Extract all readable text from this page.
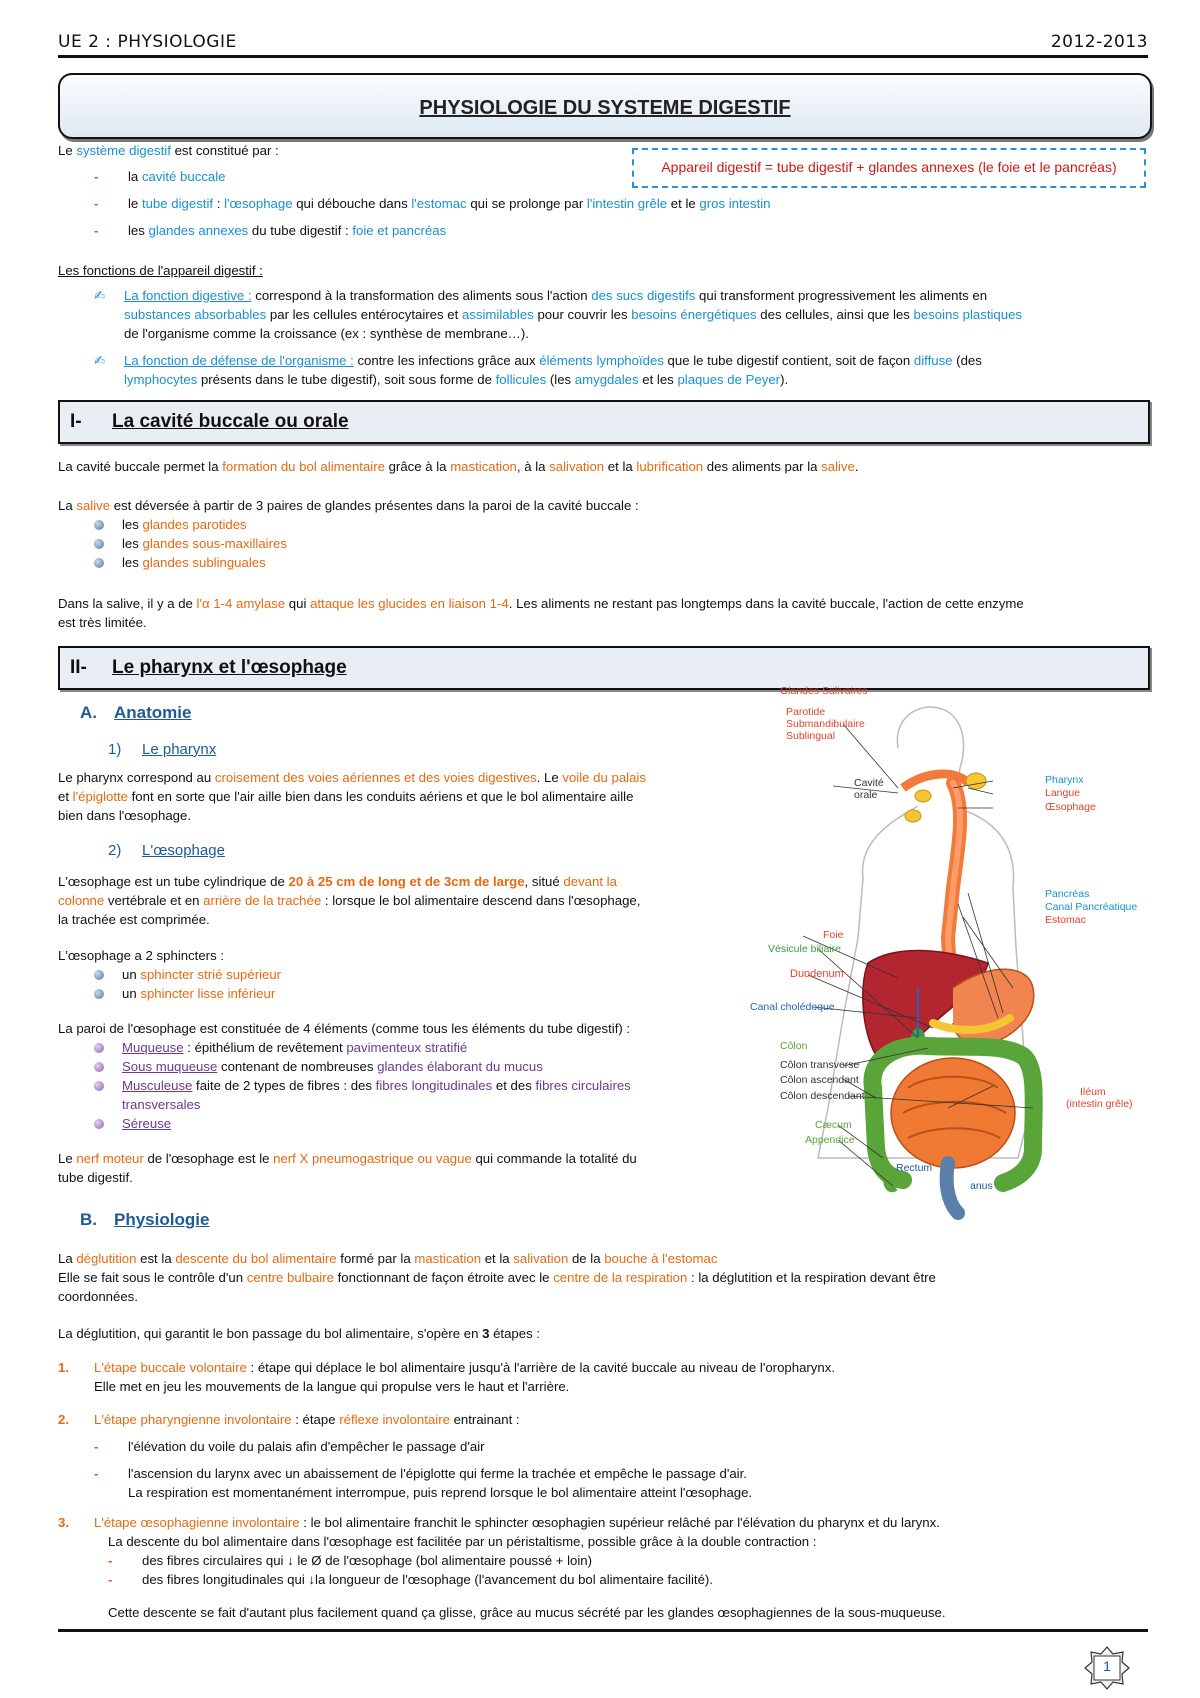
UE 2 : PHYSIOLOGIE	2012-2013
PHYSIOLOGIE DU SYSTEME DIGESTIF
Appareil digestif = tube digestif + glandes annexes (le foie et le pancréas)
Le système digestif est constitué par :
- la cavité buccale
- le tube digestif : l'œsophage qui débouche dans l'estomac qui se prolonge par l'intestin grêle et le gros intestin
- les glandes annexes du tube digestif : foie et pancréas
Les fonctions de l'appareil digestif :
✍ La fonction digestive : correspond à la transformation des aliments sous l'action des sucs digestifs qui transforment progressivement les aliments en
substances absorbables par les cellules entérocytaires et assimilables pour couvrir les besoins énergétiques des cellules, ainsi que les besoins plastiques
de l'organisme comme la croissance (ex : synthèse de membrane…).
✍ La fonction de défense de l'organisme : contre les infections grâce aux éléments lymphoïdes que le tube digestif contient, soit de façon diffuse (des
lymphocytes présents dans le tube digestif), soit sous forme de follicules (les amygdales et les plaques de Peyer).
I- La cavité buccale ou orale
La cavité buccale permet la formation du bol alimentaire grâce à la mastication, à la salivation et la lubrification des aliments par la salive.
La salive est déversée à partir de 3 paires de glandes présentes dans la paroi de la cavité buccale :
les glandes parotides
les glandes sous-maxillaires
les glandes sublinguales
Dans la salive, il y a de l'α 1-4 amylase qui attaque les glucides en liaison 1-4. Les aliments ne restant pas longtemps dans la cavité buccale, l'action de cette enzyme
est très limitée.
II- Le pharynx et l'œsophage
A. Anatomie
1) Le pharynx
Le pharynx correspond au croisement des voies aériennes et des voies digestives. Le voile du palais
et l'épiglotte font en sorte que l'air aille bien dans les conduits aériens et que le bol alimentaire aille
bien dans l'œsophage.
2) L'œsophage
L'œsophage est un tube cylindrique de 20 à 25 cm de long et de 3cm de large, situé devant la
colonne vertébrale et en arrière de la trachée : lorsque le bol alimentaire descend dans l'œsophage,
la trachée est comprimée.
L'œsophage a 2 sphincters :
un sphincter strié supérieur
un sphincter lisse inférieur
La paroi de l'œsophage est constituée de 4 éléments (comme tous les éléments du tube digestif) :
Muqueuse : épithélium de revêtement pavimenteux stratifié
Sous muqueuse contenant de nombreuses glandes élaborant du mucus
Musculeuse faite de 2 types de fibres : des fibres longitudinales et des fibres circulaires
transversales
Séreuse
Le nerf moteur de l'œsophage est le nerf X pneumogastrique ou vague qui commande la totalité du
tube digestif.
B. Physiologie
La déglutition est la descente du bol alimentaire formé par la mastication et la salivation de la bouche à l'estomac
Elle se fait sous le contrôle d'un centre bulbaire fonctionnant de façon étroite avec le centre de la respiration : la déglutition et la respiration devant être
coordonnées.
La déglutition, qui garantit le bon passage du bol alimentaire, s'opère en 3 étapes :
1. L'étape buccale volontaire : étape qui déplace le bol alimentaire jusqu'à l'arrière de la cavité buccale au niveau de l'oropharynx.
Elle met en jeu les mouvements de la langue qui propulse vers le haut et l'arrière.
2. L'étape pharyngienne involontaire : étape réflexe involontaire entrainant :
- l'élévation du voile du palais afin d'empêcher le passage d'air
- l'ascension du larynx avec un abaissement de l'épiglotte qui ferme la trachée et empêche le passage d'air.
La respiration est momentanément interrompue, puis reprend lorsque le bol alimentaire atteint l'œsophage.
3. L'étape œsophagienne involontaire : le bol alimentaire franchit le sphincter œsophagien supérieur relâché par l'élévation du pharynx et du larynx.
La descente du bol alimentaire dans l'œsophage est facilitée par un péristaltisme, possible grâce à la double contraction :
- des fibres circulaires qui ↓ le Ø de l'œsophage (bol alimentaire poussé + loin)
- des fibres longitudinales qui ↓la longueur de l'œsophage (l'avancement du bol alimentaire facilité).
Cette descente se fait d'autant plus facilement quand ça glisse, grâce au mucus sécrété par les glandes œsophagiennes de la sous-muqueuse.
1
Glandes Salivaires
Parotide
Submandibulaire
Sublingual
Cavité
orale
Pharynx
Langue
Œsophage
Pancréas
Canal Pancréatique
Estomac
Foie
Vésicule biliaire
Duodenum
Canal cholédoque
Côlon
Côlon transverse
Côlon ascendant
Côlon descendant	Iléum
(intestin grêle)
Cæcum
Appendice
Rectum
anus
